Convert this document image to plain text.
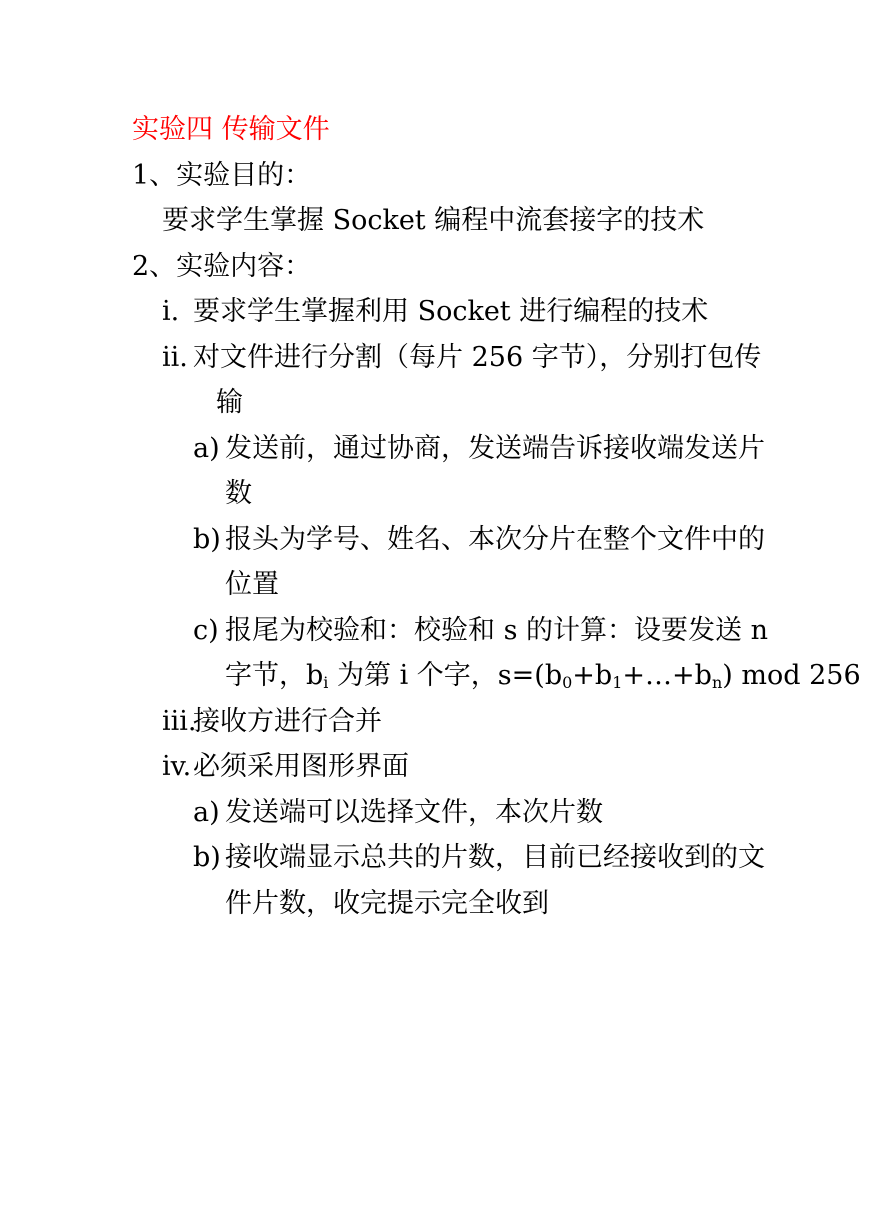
实验四 传输文件
1、实验目的：
要求学生掌握 Socket 编程中流套接字的技术
2、实验内容：
i. 要求学生掌握利用 Socket 进行编程的技术
ii. 对文件进行分割（每片 256 字节），分别打包传
输
a) 发送前，通过协商，发送端告诉接收端发送片
数
b) 报头为学号、姓名、本次分片在整个文件中的
位置
c) 报尾为校验和：校验和 s 的计算：设要发送 n
字节，$b_i$ 为第 i 个字，$s=(b_0+b_1+\dots+b_n)$ mod 256
iii.
接收方进行合并
iv. 必须采用图形界面
a) 发送端可以选择文件，本次片数
b) 接收端显示总共的片数，目前已经接收到的文
件片数，收完提示完全收到
